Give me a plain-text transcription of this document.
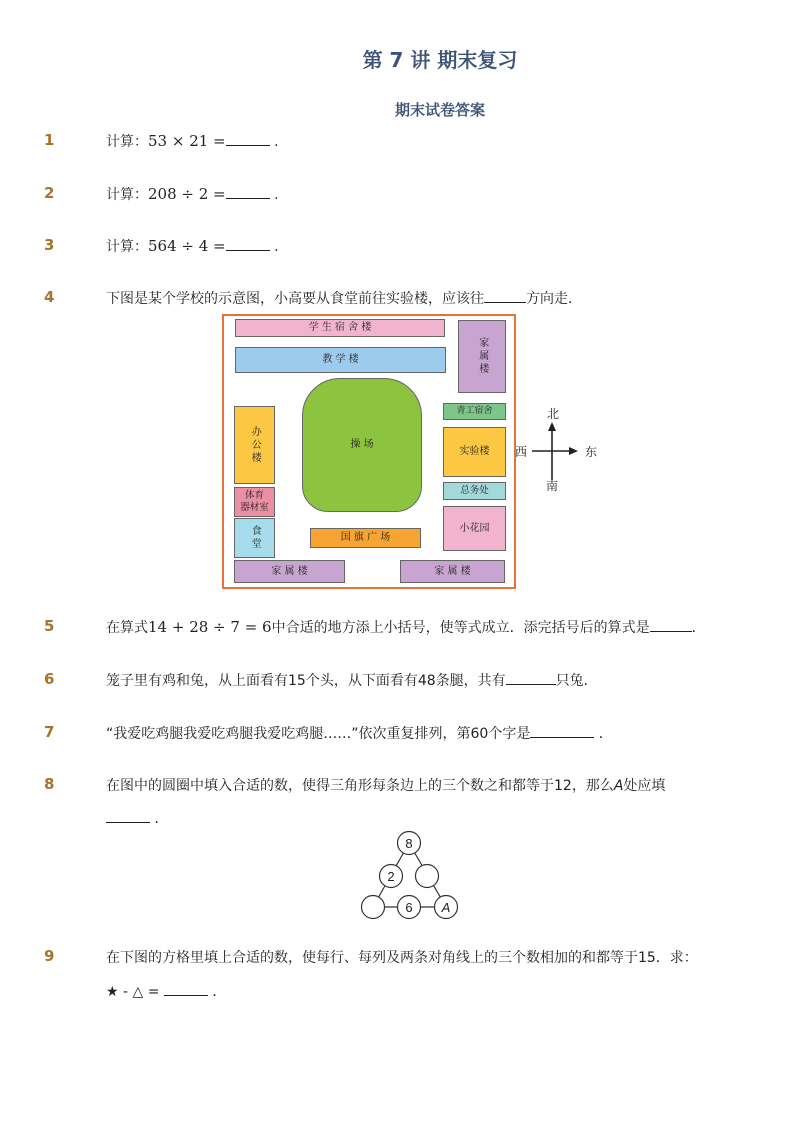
第 7 讲 期末复习
期末试卷答案
1	计算：53 × 21 =	.
2	计算：208 ÷ 2 =	.
3	计算：564 ÷ 4 =	.
4	下图是某个学校的示意图，小高要从食堂前往实验楼，应该往	方向走．
学 生 宿 舍 楼
教 学 楼	家属楼
操 场
青工宿舍
办公楼	实验楼
总务处
体育
器材室
食堂	国 旗 广 场
小花园
家 属 楼	家 属 楼
北
南
东
西
5	在算式14 + 28 ÷ 7 = 6中合适的地方添上小括号，使等式成立．添完括号后的算式是	．
6	笼子里有鸡和兔，从上面看有15个头，从下面看有48条腿，共有	只兔．
7	“我爱吃鸡腿我爱吃鸡腿我爱吃鸡腿……”依次重复排列，第60个字是	．
8	在图中的圆圈中填入合适的数，使得三角形每条边上的三个数之和都等于12，那么A处应填
．
8
2
6 A
9	在下图的方格里填上合适的数，使每行、每列及两条对角线上的三个数相加的和都等于15．求：
★ - △ =	．
